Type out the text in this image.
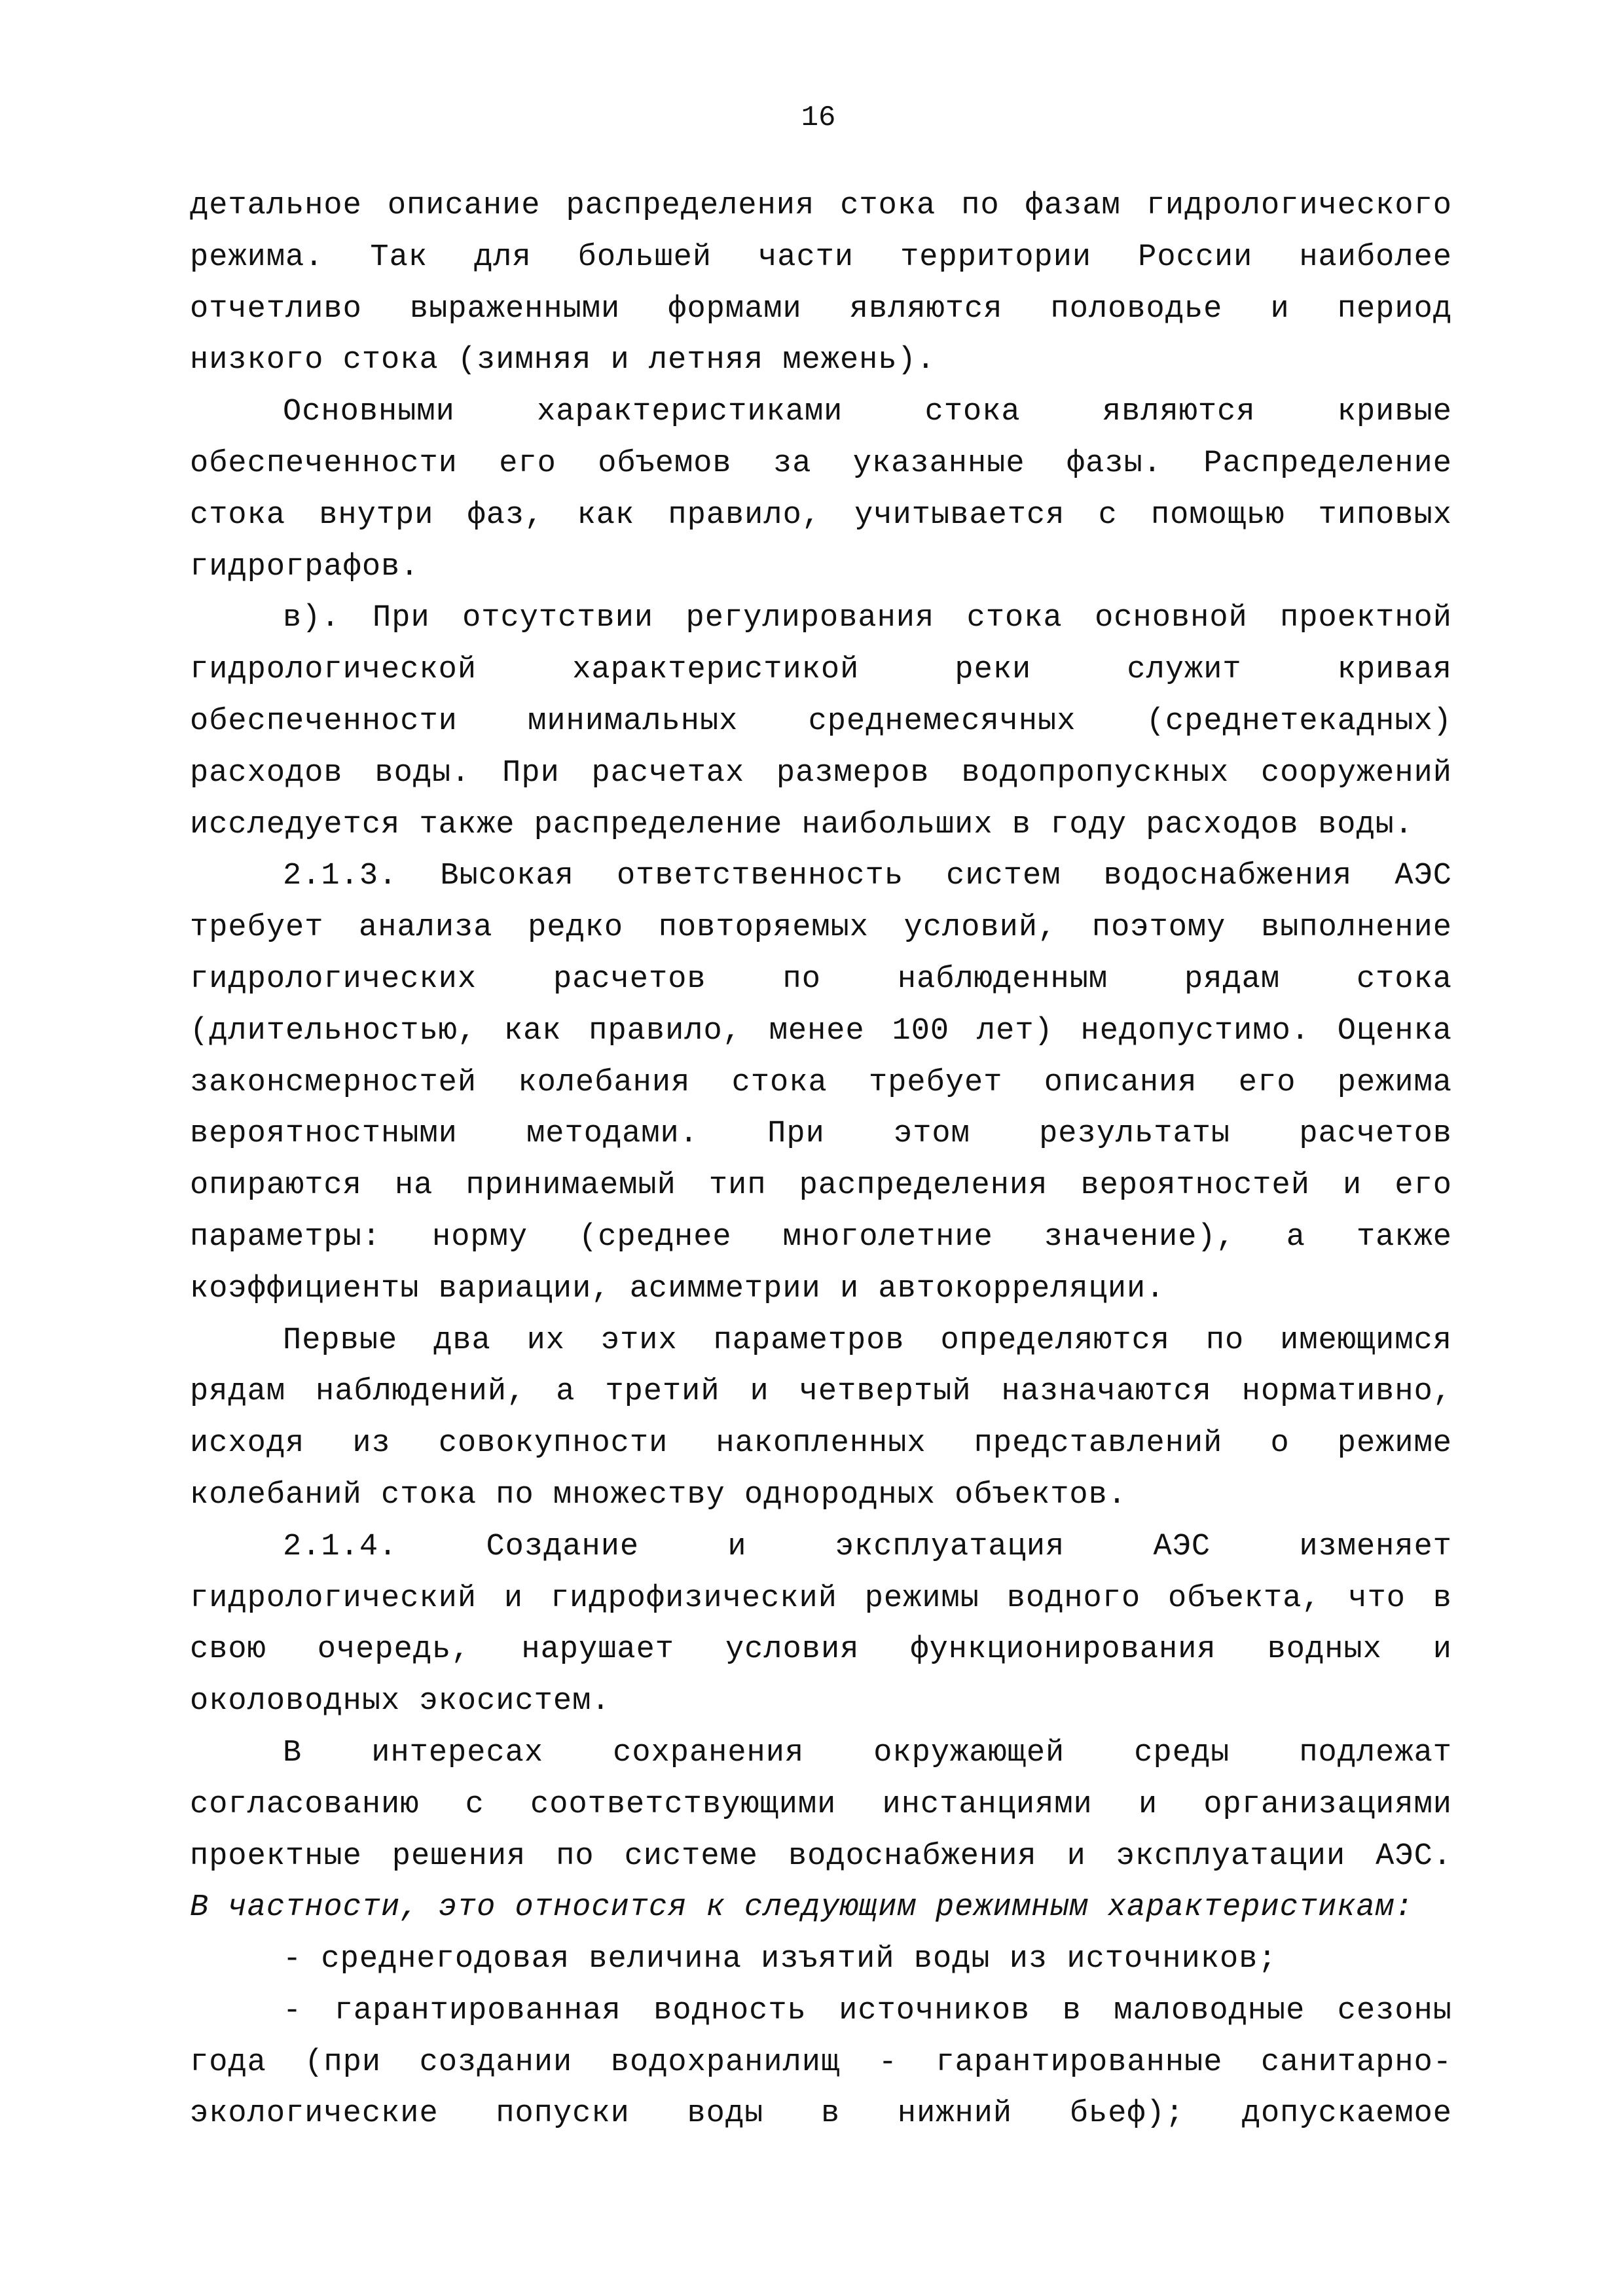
16
детальное описание распределения стока по фазам гидрологического
режима. Так для большей части территории России наиболее
отчетливо выраженными формами являются половодье и период
низкого стока (зимняя и летняя межень).
Основными характеристиками стока являются кривые
обеспеченности его объемов за указанные фазы. Распределение
стока внутри фаз, как правило, учитывается с помощью типовых
гидрографов.
в). При отсутствии регулирования стока основной проектной
гидрологической характеристикой реки служит кривая
обеспеченности минимальных среднемесячных (среднетекадных)
расходов воды. При расчетах размеров водопропускных сооружений
исследуется также распределение наибольших в году расходов воды.
2.1.3. Высокая ответственность систем водоснабжения АЭС
требует анализа редко повторяемых условий, поэтому выполнение
гидрологических расчетов по наблюденным рядам стока
(длительностью, как правило, менее 100 лет) недопустимо. Оценка
законсмерностей колебания стока требует описания его режима
вероятностными методами. При этом результаты расчетов
опираются на принимаемый тип распределения вероятностей и его
параметры: норму (среднее многолетние значение), а также
коэффициенты вариации, асимметрии и автокорреляции.
Первые два их этих параметров определяются по имеющимся
рядам наблюдений, а третий и четвертый назначаются нормативно,
исходя из совокупности накопленных представлений о режиме
колебаний стока по множеству однородных объектов.
2.1.4. Создание и эксплуатация АЭС изменяет
гидрологический и гидрофизический режимы водного объекта, что в
свою очередь, нарушает условия функционирования водных и
околоводных экосистем.
В интересах сохранения окружающей среды подлежат
согласованию с соответствующими инстанциями и организациями
проектные решения по системе водоснабжения и эксплуатации АЭС.
В частности, это относится к следующим режимным характеристикам:
- среднегодовая величина изъятий воды из источников;
- гарантированная водность источников в маловодные сезоны
года (при создании водохранилищ - гарантированные санитарно-
экологические попуски воды в нижний бьеф); допускаемое
